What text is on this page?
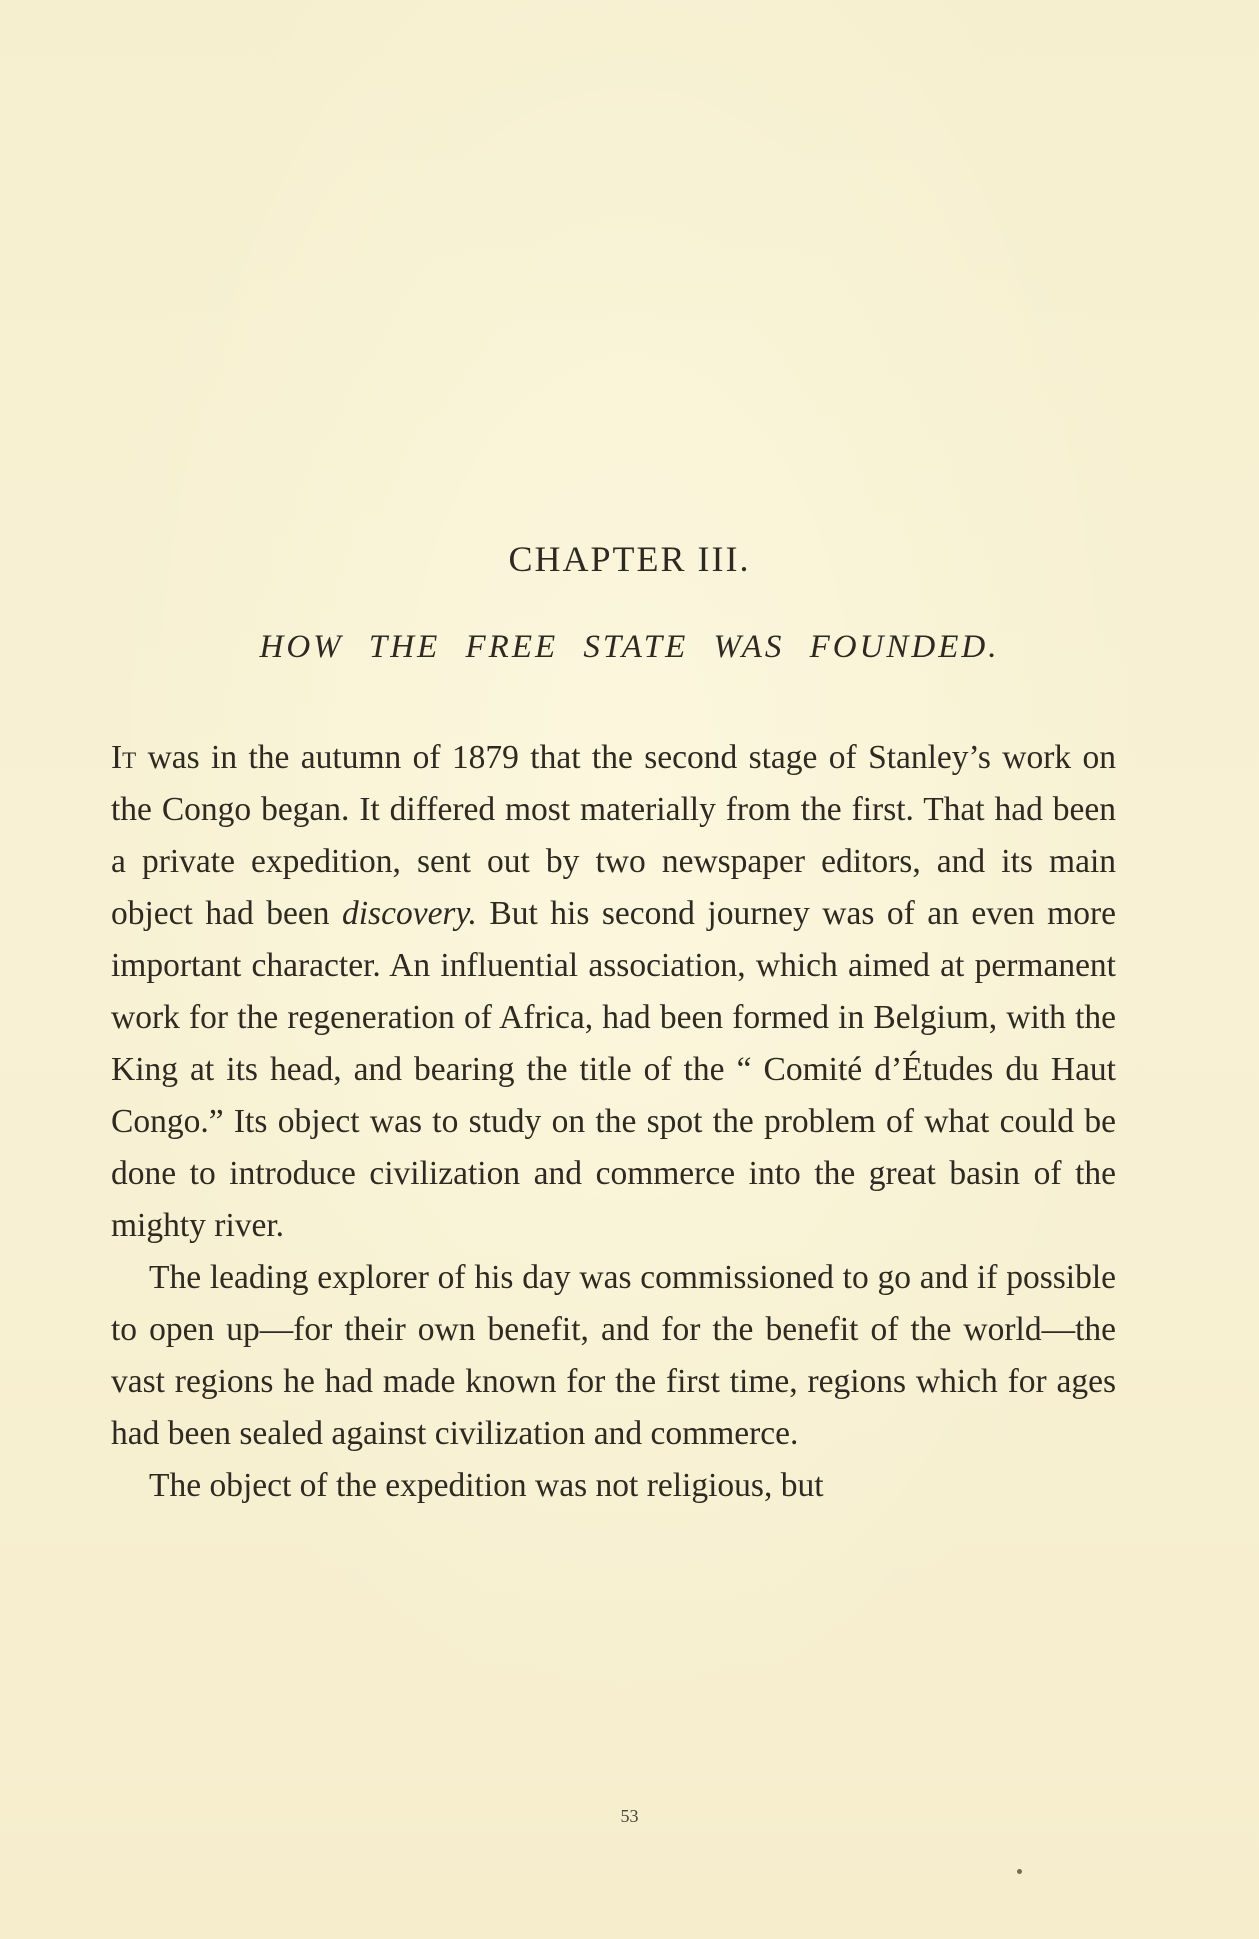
CHAPTER III.
HOW THE FREE STATE WAS FOUNDED.

It was in the autumn of 1879 that the second stage of Stanley’s work on the Congo began. It differed most materially from the first. That had been a private expedition, sent out by two newspaper editors, and its main object had been discovery. But his second journey was of an even more important character. An influential association, which aimed at permanent work for the regeneration of Africa, had been formed in Belgium, with the King at its head, and bearing the title of the “ Comité d’Études du Haut Congo.” Its object was to study on the spot the problem of what could be done to introduce civilization and commerce into the great basin of the mighty river.

The leading explorer of his day was commissioned to go and if possible to open up—for their own benefit, and for the benefit of the world—the vast regions he had made known for the first time, regions which for ages had been sealed against civilization and commerce.

The object of the expedition was not religious, but

53
